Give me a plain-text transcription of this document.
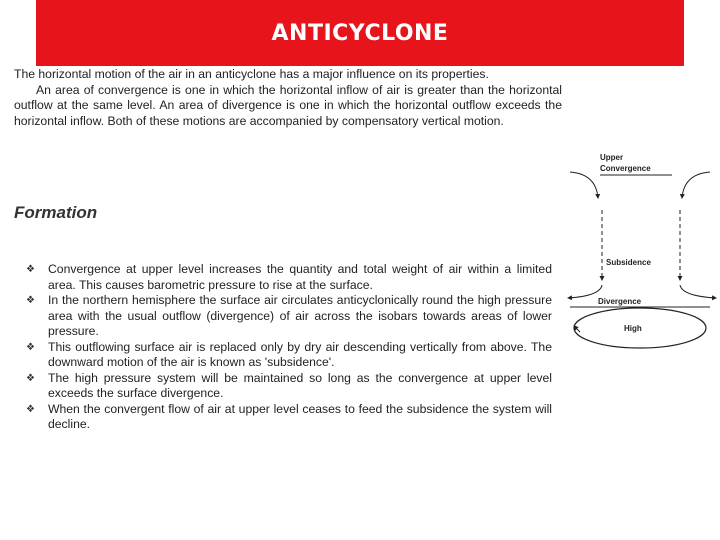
ANTICYCLONE

The horizontal motion of the air in an anticyclone has a major influence on its properties.

An area of convergence is one in which the horizontal inflow of air is greater than the horizontal outflow at the same level. An area of divergence is one in which the horizontal outflow exceeds the horizontal inflow. Both of these motions are accompanied by compensatory vertical motion.

Formation
❖ Convergence at upper level increases the quantity and total weight of air within a limited area. This causes barometric pressure to rise at the surface.
❖ In the northern hemisphere the surface air circulates anticyclonically round the high pressure area with the usual outflow (divergence) of air across the isobars towards areas of lower pressure.
❖ This outflowing surface air is replaced only by dry air descending vertically from above. The downward motion of the air is known as 'subsidence'.
❖ The high pressure system will be maintained so long as the convergence at upper level exceeds the surface divergence.
❖ When the convergent flow of air at upper level ceases to feed the subsidence the system will decline.
Upper
Convergence
Subsidence
Divergence
High
